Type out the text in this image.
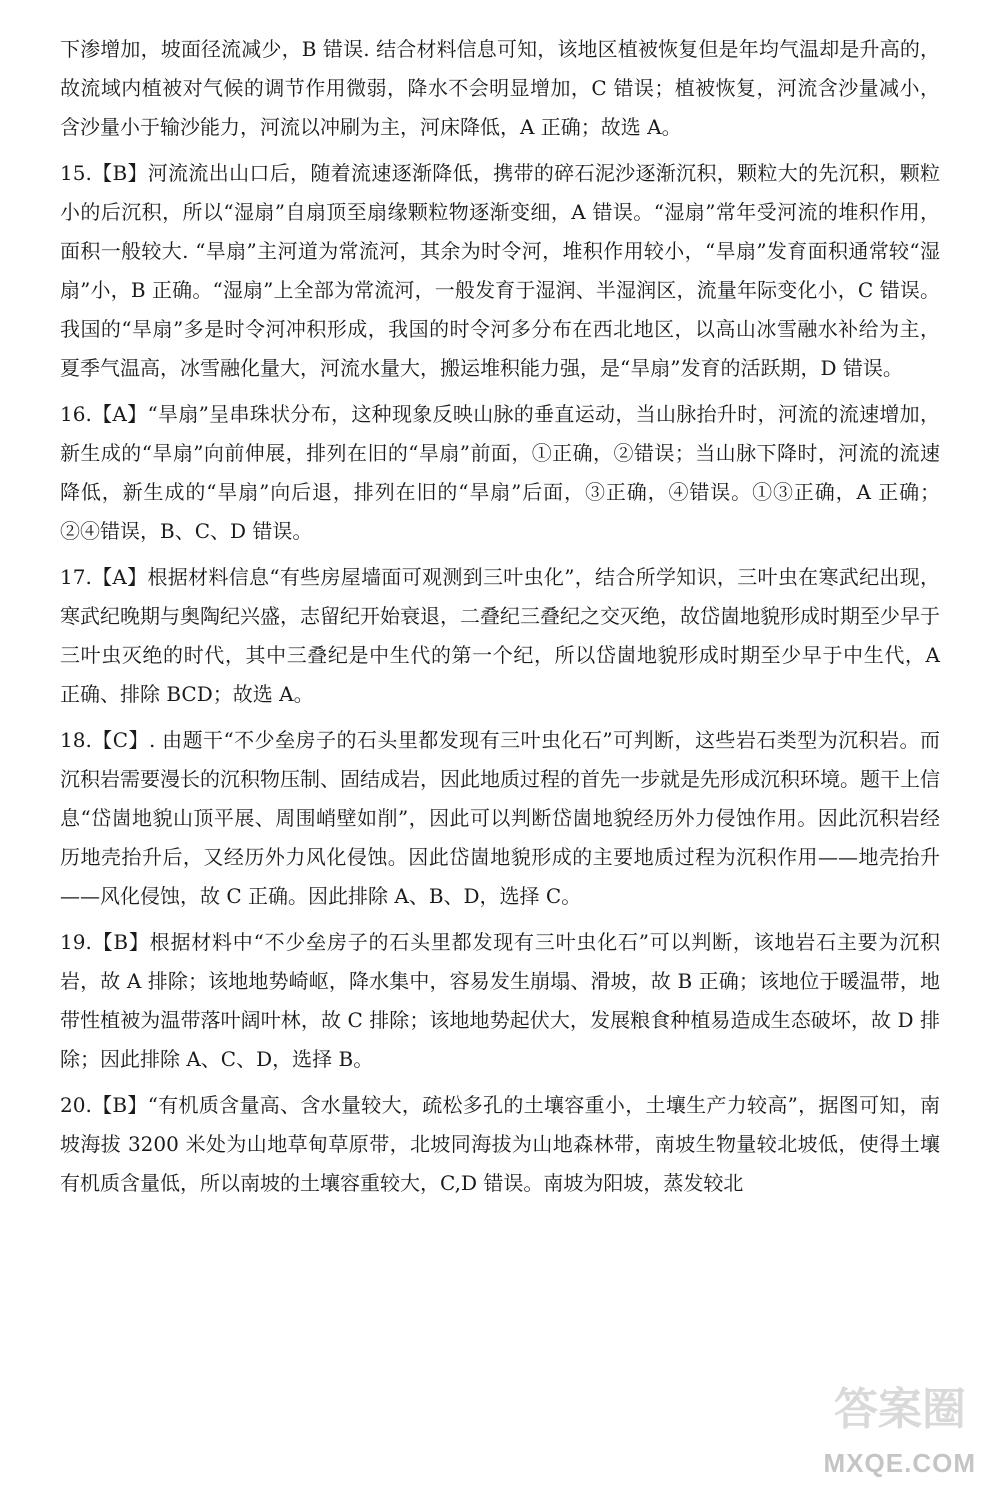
下渗增加，坡面径流减少，B 错误. 结合材料信息可知，该地区植被恢复但是年均气温却是升高的，故流域内植被对气候的调节作用微弱，降水不会明显增加，C 错误；植被恢复，河流含沙量减小，含沙量小于输沙能力，河流以冲刷为主，河床降低，A 正确；故选 A。

15.【B】河流流出山口后，随着流速逐渐降低，携带的碎石泥沙逐渐沉积，颗粒大的先沉积，颗粒小的后沉积，所以“湿扇”自扇顶至扇缘颗粒物逐渐变细，A 错误。“湿扇”常年受河流的堆积作用，面积一般较大. “旱扇”主河道为常流河，其余为时令河，堆积作用较小，“旱扇”发育面积通常较“湿扇”小，B 正确。“湿扇”上全部为常流河，一般发育于湿润、半湿润区，流量年际变化小，C 错误。我国的“旱扇”多是时令河冲积形成，我国的时令河多分布在西北地区，以高山冰雪融水补给为主，夏季气温高，冰雪融化量大，河流水量大，搬运堆积能力强，是“旱扇”发育的活跃期，D 错误。

16.【A】“旱扇”呈串珠状分布，这种现象反映山脉的垂直运动，当山脉抬升时，河流的流速增加，新生成的“旱扇”向前伸展，排列在旧的“旱扇”前面，①正确，②错误；当山脉下降时，河流的流速降低，新生成的“旱扇”向后退，排列在旧的“旱扇”后面，③正确，④错误。①③正确，A 正确；②④错误，B、C、D 错误。

17.【A】根据材料信息“有些房屋墙面可观测到三叶虫化”，结合所学知识，三叶虫在寒武纪出现，寒武纪晚期与奥陶纪兴盛，志留纪开始衰退，二叠纪三叠纪之交灭绝，故岱崮地貌形成时期至少早于三叶虫灭绝的时代，其中三叠纪是中生代的第一个纪，所以岱崮地貌形成时期至少早于中生代，A 正确、排除 BCD；故选 A。

18.【C】. 由题干“不少垒房子的石头里都发现有三叶虫化石”可判断，这些岩石类型为沉积岩。而沉积岩需要漫长的沉积物压制、固结成岩，因此地质过程的首先一步就是先形成沉积环境。题干上信息“岱崮地貌山顶平展、周围峭壁如削”，因此可以判断岱崮地貌经历外力侵蚀作用。因此沉积岩经历地壳抬升后，又经历外力风化侵蚀。因此岱崮地貌形成的主要地质过程为沉积作用——地壳抬升——风化侵蚀，故 C 正确。因此排除 A、B、D，选择 C。

19.【B】根据材料中“不少垒房子的石头里都发现有三叶虫化石”可以判断，该地岩石主要为沉积岩，故 A 排除；该地地势崎岖，降水集中，容易发生崩塌、滑坡，故 B 正确；该地位于暖温带，地带性植被为温带落叶阔叶林，故 C 排除；该地地势起伏大，发展粮食种植易造成生态破坏，故 D 排除；因此排除 A、C、D，选择 B。

20.【B】“有机质含量高、含水量较大，疏松多孔的土壤容重小，土壤生产力较高”，据图可知，南坡海拔 3200 米处为山地草甸草原带，北坡同海拔为山地森林带，南坡生物量较北坡低，使得土壤有机质含量低，所以南坡的土壤容重较大，C,D 错误。南坡为阳坡，蒸发较北

答案圈
MXQE.COM
